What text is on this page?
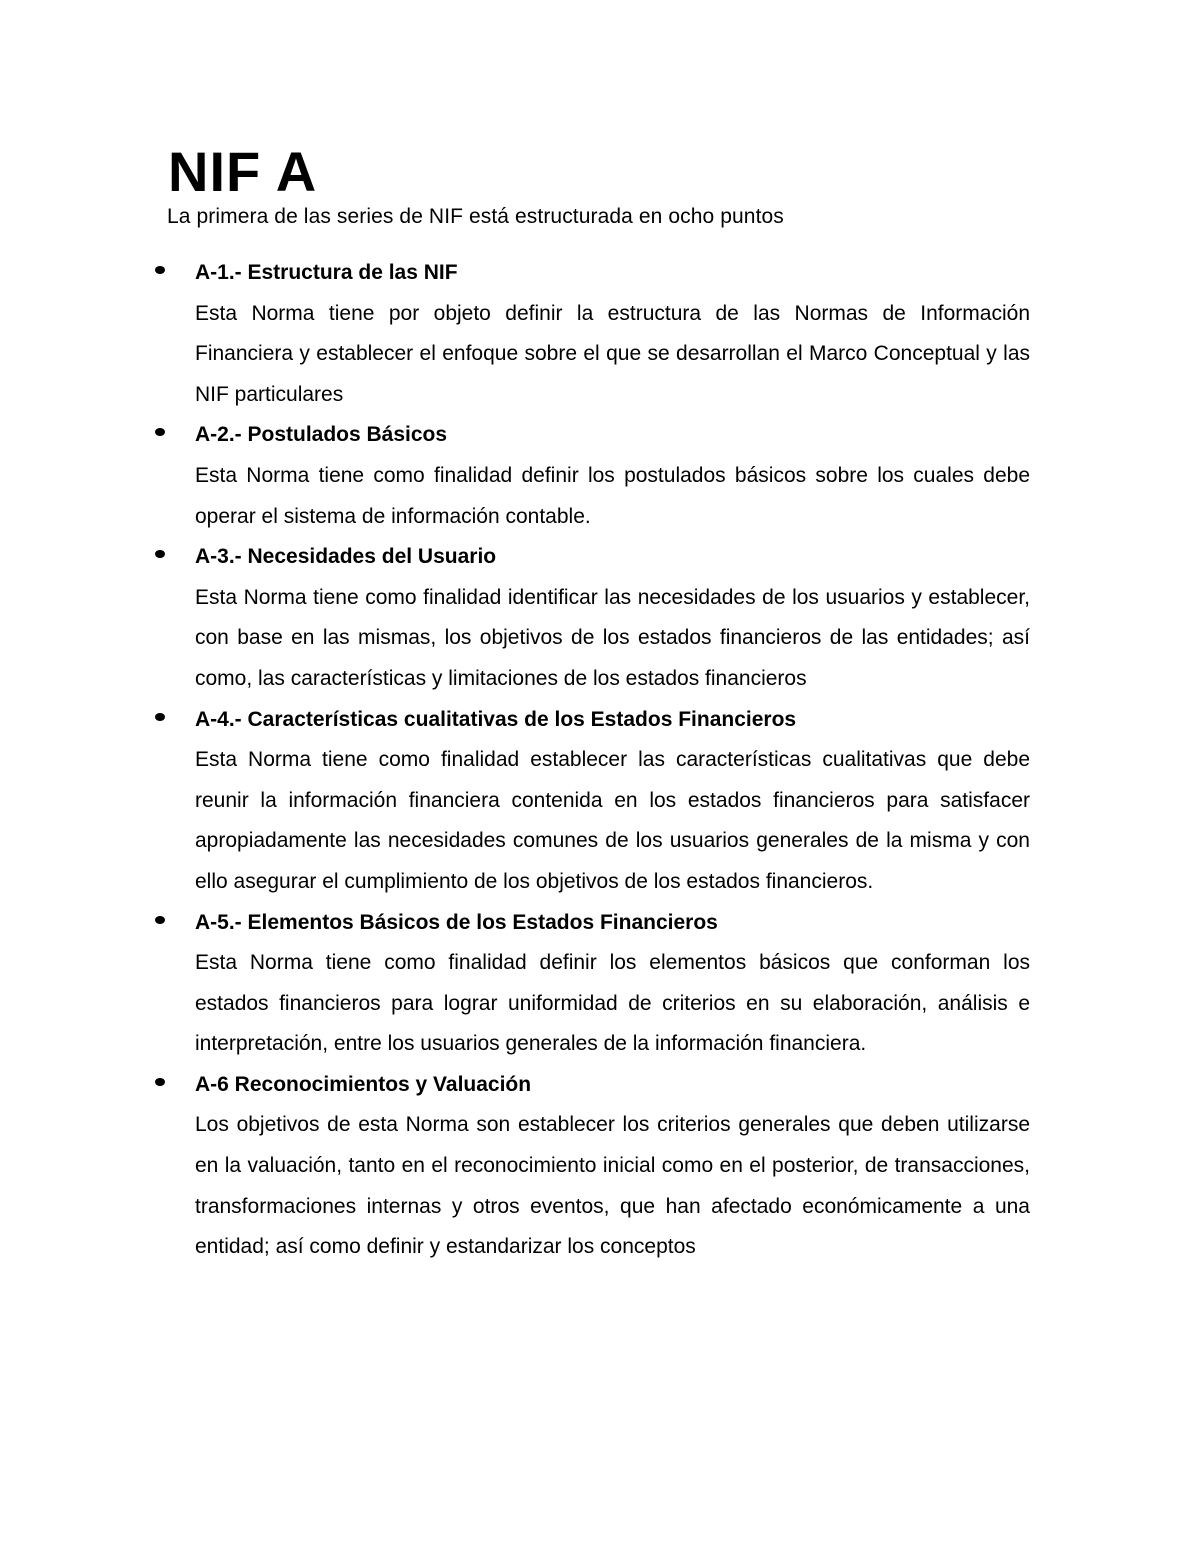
NIF A

La primera de las series de NIF está estructurada en ocho puntos

A-1.- Estructura de las NIF

Esta Norma tiene por objeto definir la estructura de las Normas de Información Financiera y establecer el enfoque sobre el que se desarrollan el Marco Conceptual y las NIF particulares

A-2.- Postulados Básicos

Esta Norma tiene como finalidad definir los postulados básicos sobre los cuales debe operar el sistema de información contable.

A-3.- Necesidades del Usuario

Esta Norma tiene como finalidad identificar las necesidades de los usuarios y establecer, con base en las mismas, los objetivos de los estados financieros de las entidades; así como, las características y limitaciones de los estados financieros

A-4.- Características cualitativas de los Estados Financieros

Esta Norma tiene como finalidad establecer las características cualitativas que debe reunir la información financiera contenida en los estados financieros para satisfacer apropiadamente las necesidades comunes de los usuarios generales de la misma y con ello asegurar el cumplimiento de los objetivos de los estados financieros.

A-5.- Elementos Básicos de los Estados Financieros

Esta Norma tiene como finalidad definir los elementos básicos que conforman los estados financieros para lograr uniformidad de criterios en su elaboración, análisis e interpretación, entre los usuarios generales de la información financiera.

A-6 Reconocimientos y Valuación

Los objetivos de esta Norma son establecer los criterios generales que deben utilizarse en la valuación, tanto en el reconocimiento inicial como en el posterior, de transacciones, transformaciones internas y otros eventos, que han afectado económicamente a una entidad; así como definir y estandarizar los conceptos
